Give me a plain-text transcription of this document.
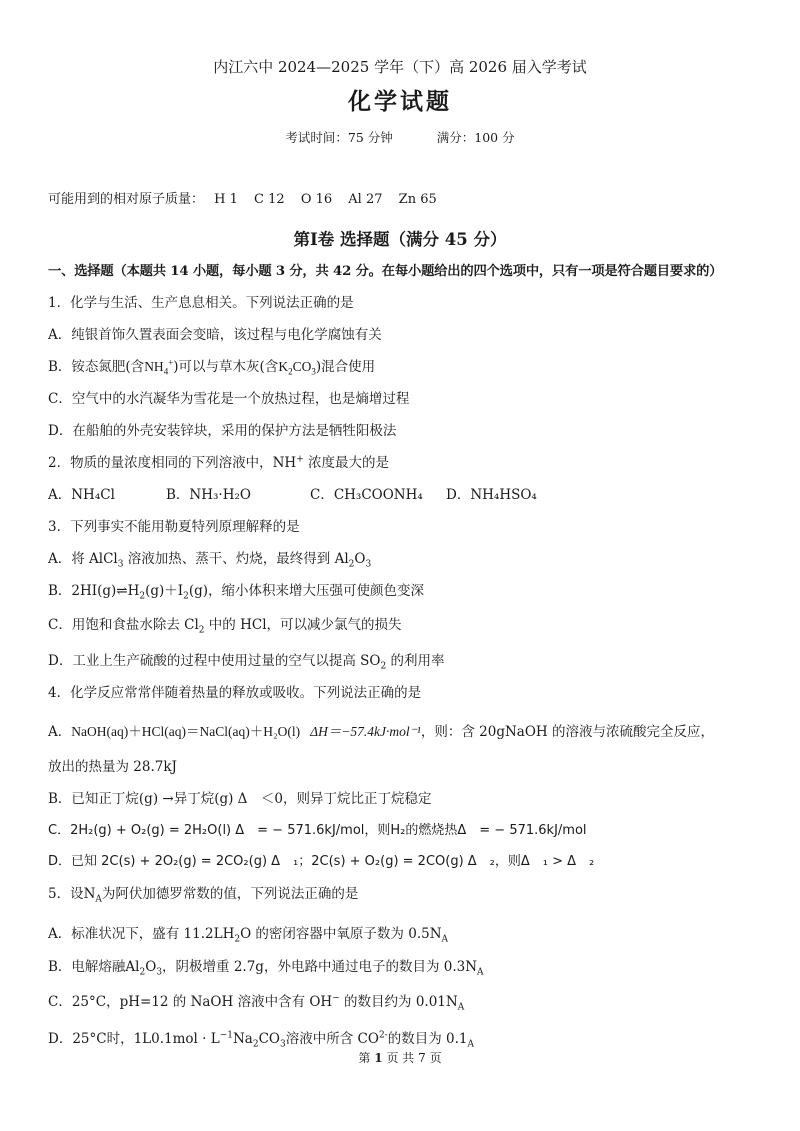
内江六中 2024—2025 学年（下）高 2026 届入学考试
化学试题
考试时间：75 分钟	满分：100 分
可能用到的相对原子质量： H 1 C 12 O 16 Al 27 Zn 65
第Ⅰ卷 选择题（满分 45 分）
一、选择题（本题共 14 小题，每小题 3 分，共 42 分。在每小题给出的四个选项中，只有一项是符合题目要求的）
1．化学与生活、生产息息相关。下列说法正确的是
A．纯银首饰久置表面会变暗，该过程与电化学腐蚀有关
B．铵态氮肥(含$NH_4^+$)可以与草木灰(含$K_2CO_3$)混合使用
C．空气中的水汽凝华为雪花是一个放热过程，也是熵增过程
D．在船舶的外壳安装锌块，采用的保护方法是牺牲阳极法
2．物质的量浓度相同的下列溶液中，NH+ 浓度最大的是
A．NH₄Cl	B．NH₃·H₂O	C．CH₃COONH₄ D．NH₄HSO₄
3．下列事实不能用勒夏特列原理解释的是
A．将 AlCl$_3$ 溶液加热、蒸干、灼烧，最终得到 $Al_2O_3$
B．$2HI(g)\rightleftharpoons H_2(g)+I_2(g)$，缩小体积来增大压强可使颜色变深
C．用饱和食盐水除去 $Cl_2$ 中的 HCl，可以减少氯气的损失
D．工业上生产硫酸的过程中使用过量的空气以提高 $SO_2$ 的利用率
4．化学反应常常伴随着热量的释放或吸收。下列说法正确的是
A．NaOH(aq)＋HCl(aq)＝NaCl(aq)＋H₂O(l) ΔH＝−57.4kJ·mol⁻¹，则：含 20gNaOH 的溶液与浓硫酸完全反应，
放出的热量为 28.7kJ
B．已知正丁烷(g) →异丁烷(g) Δ　＜0，则异丁烷比正丁烷稳定
C．2H₂(g) + O₂(g) = 2H₂O(l) Δ　= − 571.6kJ/mol，则H₂的燃烧热Δ　= − 571.6kJ/mol
D．已知 2C(s) + 2O₂(g) = 2CO₂(g) Δ　₁；2C(s) + O₂(g) = 2CO(g) Δ　₂，则Δ　₁ > Δ　₂
5．设$N_A$为阿伏加德罗常数的值，下列说法正确的是
A．标准状况下，盛有 $11.2LH_2O$ 的密闭容器中氧原子数为 $0.5N_A$
B．电解熔融$Al_2O_3$，阴极增重 2.7g，外电路中通过电子的数目为 $0.3N_A$
C．25°C，pH=12 的 NaOH 溶液中含有 OH− 的数目约为 $0.01N_A$
D．25°C时，$1L0.1mol \cdot L^{-1}Na_2CO_3$溶液中所含 $CO^{2-}$的数目为 $0.1_A$
第 1 页 共 7 页
